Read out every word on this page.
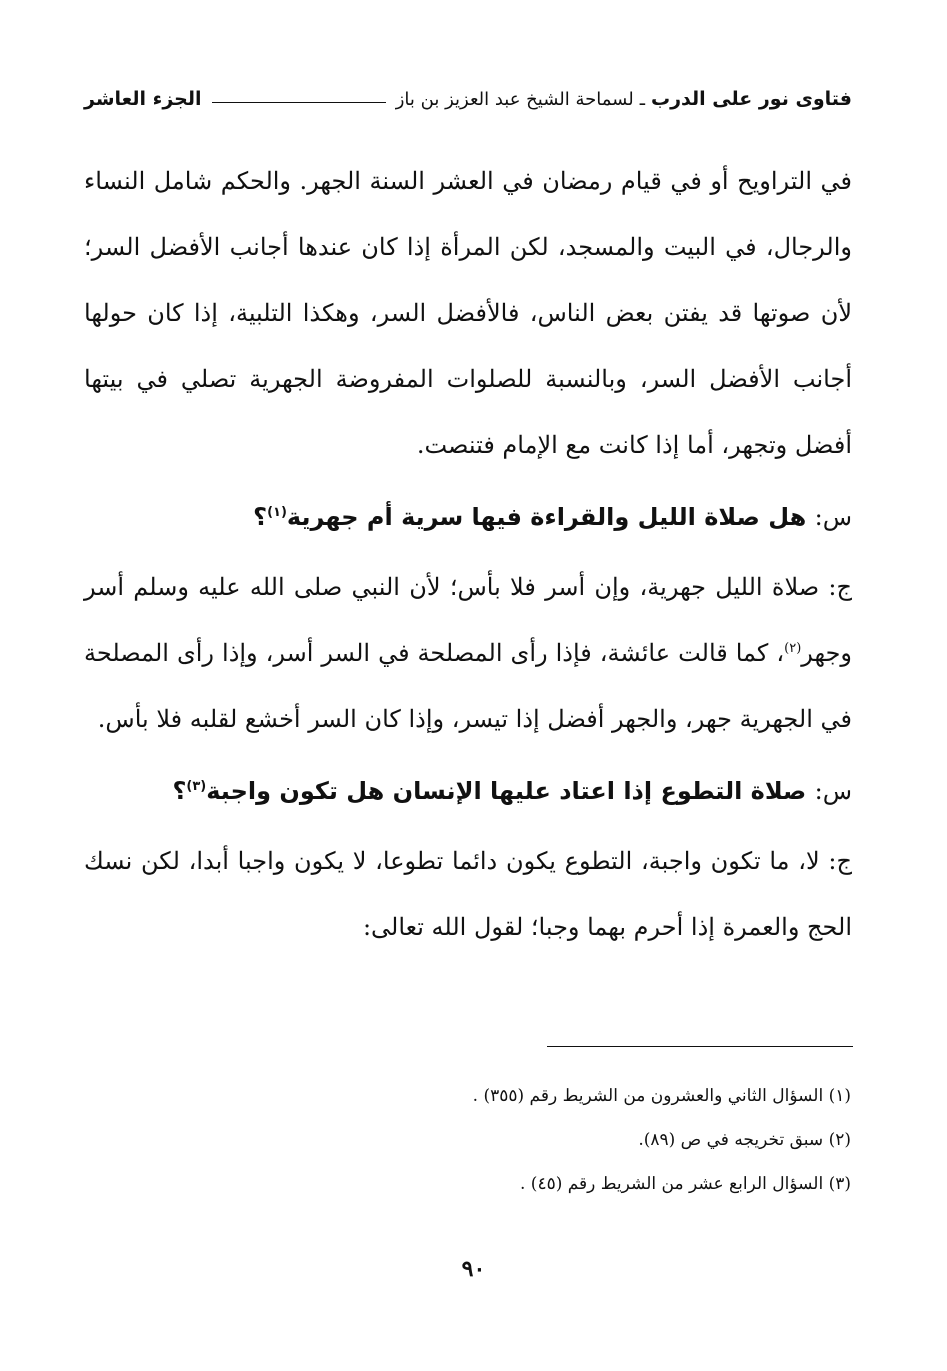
فتاوى نور على الدرب
ـ
لسماحة الشيخ عبد العزيز بن باز
الجزء العاشر

في التراويح أو في قيام رمضان في العشر السنة الجهر. والحكم شامل النساء والرجال، في البيت والمسجد، لكن المرأة إذا كان عندها أجانب الأفضل السر؛ لأن صوتها قد يفتن بعض الناس، فالأفضل السر، وهكذا التلبية، إذا كان حولها أجانب الأفضل السر، وبالنسبة للصلوات المفروضة الجهرية تصلي في بيتها أفضل وتجهر، أما إذا كانت مع الإمام فتنصت.

س: هل صلاة الليل والقراءة فيها سرية أم جهرية$^{(١)}$؟

ج: صلاة الليل جهرية، وإن أسر فلا بأس؛ لأن النبي صلى الله عليه وسلم أسر وجهر$^{(٢)}$، كما قالت عائشة، فإذا رأى المصلحة في السر أسر، وإذا رأى المصلحة في الجهرية جهر، والجهر أفضل إذا تيسر، وإذا كان السر أخشع لقلبه فلا بأس.

س: صلاة التطوع إذا اعتاد عليها الإنسان هل تكون واجبة$^{(٣)}$؟

ج: لا، ما تكون واجبة، التطوع يكون دائما تطوعا، لا يكون واجبا أبدا، لكن نسك الحج والعمرة إذا أحرم بهما وجبا؛ لقول الله تعالى:

(١) السؤال الثاني والعشرون من الشريط رقم (٣٥٥) .
(٢) سبق تخريجه في ص (٨٩).
(٣) السؤال الرابع عشر من الشريط رقم (٤٥) .
٩٠
